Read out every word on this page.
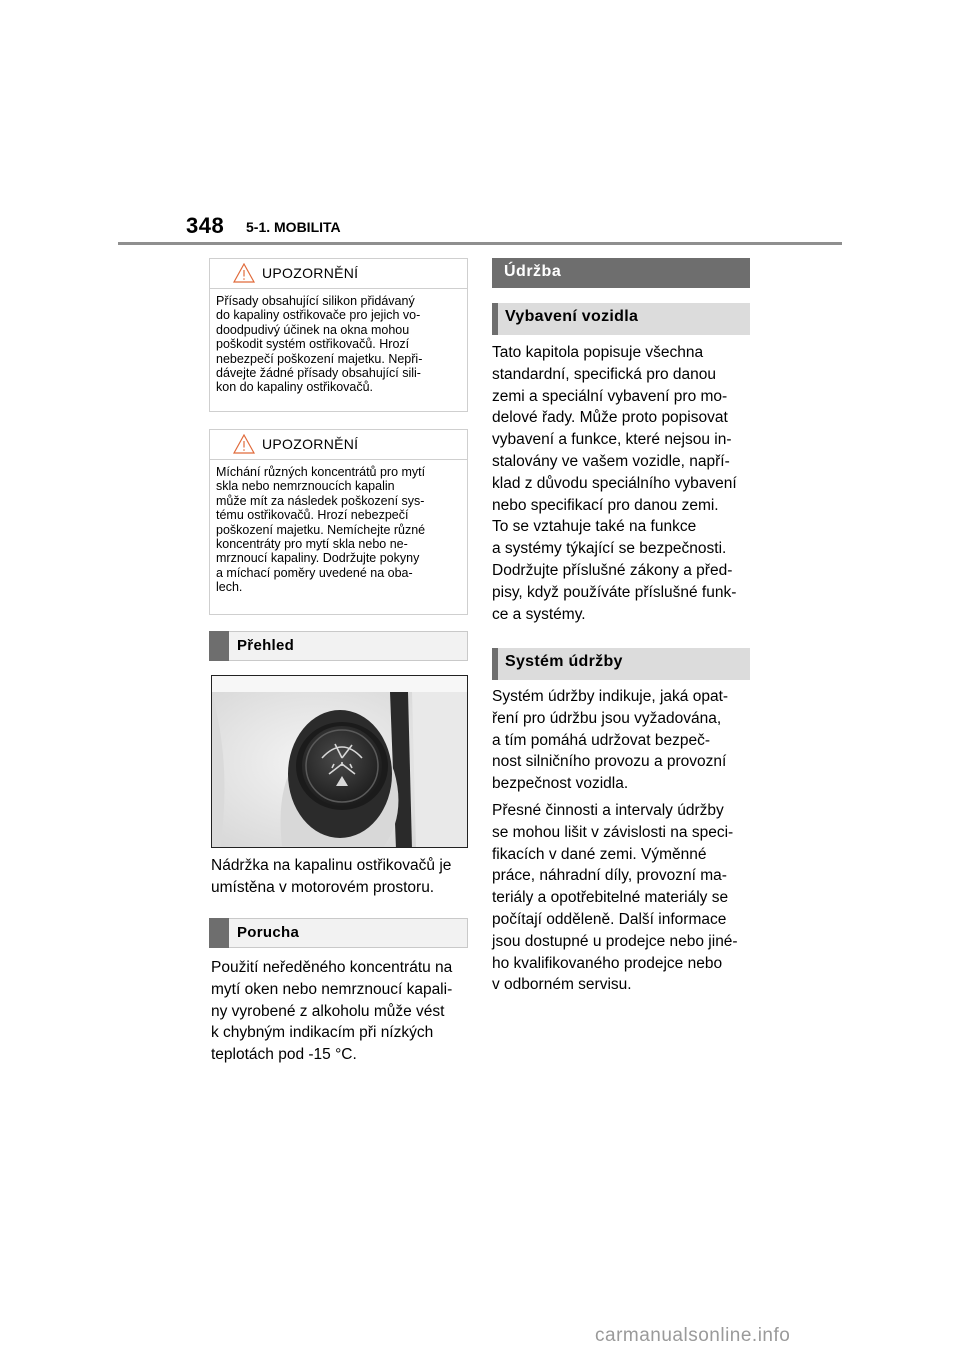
348 5-1. MOBILITA
UPOZORNĚNÍ
Přísady obsahující silikon přidávaný
do kapaliny ostřikovače pro jejich vo-
doodpudivý účinek na okna mohou
poškodit systém ostřikovačů. Hrozí
nebezpečí poškození majetku. Nepři-
dávejte žádné přísady obsahující sili-
kon do kapaliny ostřikovačů.
UPOZORNĚNÍ
Míchání různých koncentrátů pro mytí
skla nebo nemrznoucích kapalin
může mít za následek poškození sys-
tému ostřikovačů. Hrozí nebezpečí
poškození majetku. Nemíchejte různé
koncentráty pro mytí skla nebo ne-
mrznoucí kapaliny. Dodržujte pokyny
a míchací poměry uvedené na oba-
lech.
Přehled
Nádržka na kapalinu ostřikovačů je
umístěna v motorovém prostoru.
Porucha
Použití neředěného koncentrátu na
mytí oken nebo nemrznoucí kapali-
ny vyrobené z alkoholu může vést
k chybným indikacím při nízkých
teplotách pod -15 °C.
Údržba
Vybavení vozidla
Tato kapitola popisuje všechna
standardní, specifická pro danou
zemi a speciální vybavení pro mo-
delové řady. Může proto popisovat
vybavení a funkce, které nejsou in-
stalovány ve vašem vozidle, napří-
klad z důvodu speciálního vybavení
nebo specifikací pro danou zemi.
To se vztahuje také na funkce
a systémy týkající se bezpečnosti.
Dodržujte příslušné zákony a před-
pisy, když používáte příslušné funk-
ce a systémy.
Systém údržby
Systém údržby indikuje, jaká opat-
ření pro údržbu jsou vyžadována,
a tím pomáhá udržovat bezpeč-
nost silničního provozu a provozní
bezpečnost vozidla.
Přesné činnosti a intervaly údržby
se mohou lišit v závislosti na speci-
fikacích v dané zemi. Výměnné
práce, náhradní díly, provozní ma-
teriály a opotřebitelné materiály se
počítají odděleně. Další informace
jsou dostupné u prodejce nebo jiné-
ho kvalifikovaného prodejce nebo
v odborném servisu.
carmanualsonline.info
